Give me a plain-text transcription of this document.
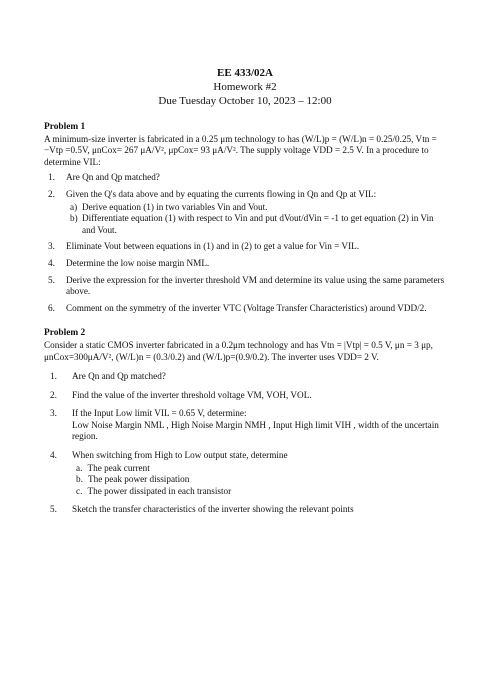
EE 433/02A
Homework #2
Due Tuesday October 10, 2023 – 12:00
Problem 1

A minimum-size inverter is fabricated in a 0.25 μm technology to has (W/L)p = (W/L)n = 0.25/0.25, Vtn = −Vtp =0.5V, μnCox= 267 μA/V², μpCox= 93 μA/V². The supply voltage VDD = 2.5 V. In a procedure to determine VIL:

1. Are Qn and Qp matched?
2. Given the Q's data above and by equating the currents flowing in Qn and Qp at VIL:
a) Derive equation (1) in two variables Vin and Vout.
b) Differentiate equation (1) with respect to Vin and put dVout/dVin = -1 to get equation (2) in Vin and Vout.
3. Eliminate Vout between equations in (1) and in (2) to get a value for Vin = VIL.
4. Determine the low noise margin NML.
5. Derive the expression for the inverter threshold VM and determine its value using the same parameters above.
6. Comment on the symmetry of the inverter VTC (Voltage Transfer Characteristics) around VDD/2.
Problem 2

Consider a static CMOS inverter fabricated in a 0.2μm technology and has Vtn = |Vtp| = 0.5 V, μn = 3 μp, μnCox=300μA/V², (W/L)n = (0.3/0.2) and (W/L)p=(0.9/0.2). The inverter uses VDD= 2 V.

1. Are Qn and Qp matched?
2. Find the value of the inverter threshold voltage VM, VOH, VOL.
3. If the Input Low limit VIL = 0.65 V, determine:
Low Noise Margin NML , High Noise Margin NMH , Input High limit VIH , width of the uncertain region.
4. When switching from High to Low output state, determine
a. The peak current
b. The peak power dissipation
c. The power dissipated in each transistor
5. Sketch the transfer characteristics of the inverter showing the relevant points
